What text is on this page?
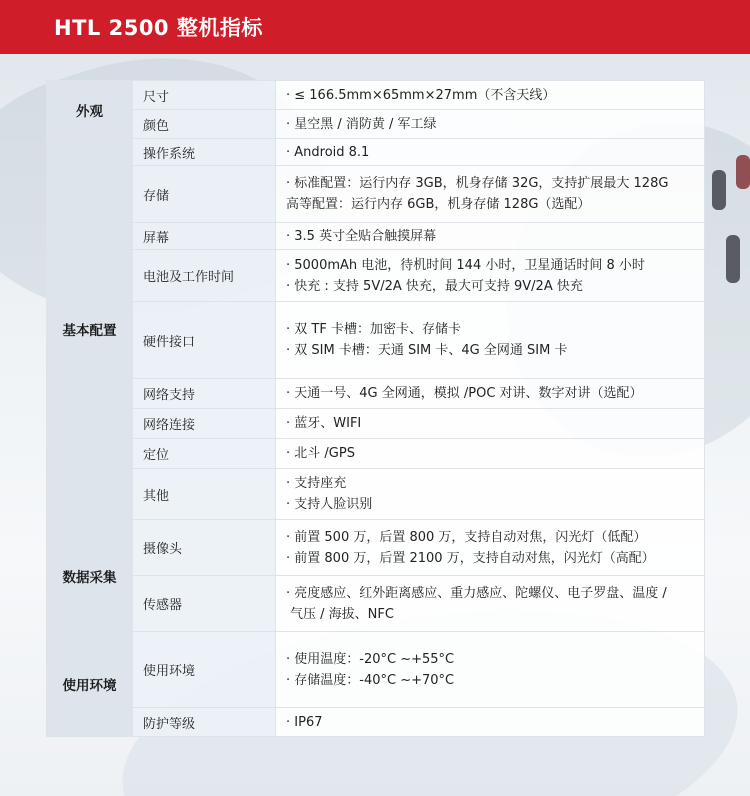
HTL 2500 整机指标
外观	尺寸	· ≤ 166.5mm×65mm×27mm（不含天线）

	颜色	· 星空黑 / 消防黄 / 军工绿

基本配置	操作系统	· Android 8.1

	存储	· 标准配置：运行内存 3GB，机身存储 32G，支持扩展最大 128G
高等配置：运行内存 6GB，机身存储 128G（选配）

	屏幕	· 3.5 英寸全贴合触摸屏幕

	电池及工作时间	· 5000mAh 电池，待机时间 144 小时，卫星通话时间 8 小时
· 快充 : 支持 5V/2A 快充，最大可支持 9V/2A 快充

	硬件接口	· 双 TF 卡槽：加密卡、存储卡
· 双 SIM 卡槽：天通 SIM 卡、4G 全网通 SIM 卡

	网络支持	· 天通一号、4G 全网通，模拟 /POC 对讲、数字对讲（选配）

	网络连接	· 蓝牙、WIFI

	定位	· 北斗 /GPS

	其他	· 支持座充
· 支持人脸识别

数据采集	摄像头	· 前置 500 万，后置 800 万，支持自动对焦，闪光灯（低配）
· 前置 800 万，后置 2100 万，支持自动对焦，闪光灯（高配）

	传感器	· 亮度感应、红外距离感应、重力感应、陀螺仪、电子罗盘、温度 /
气压 / 海拔、NFC

使用环境	使用环境	· 使用温度：-20°C ~+55°C
· 存储温度：-40°C ~+70°C

	防护等级	· IP67
